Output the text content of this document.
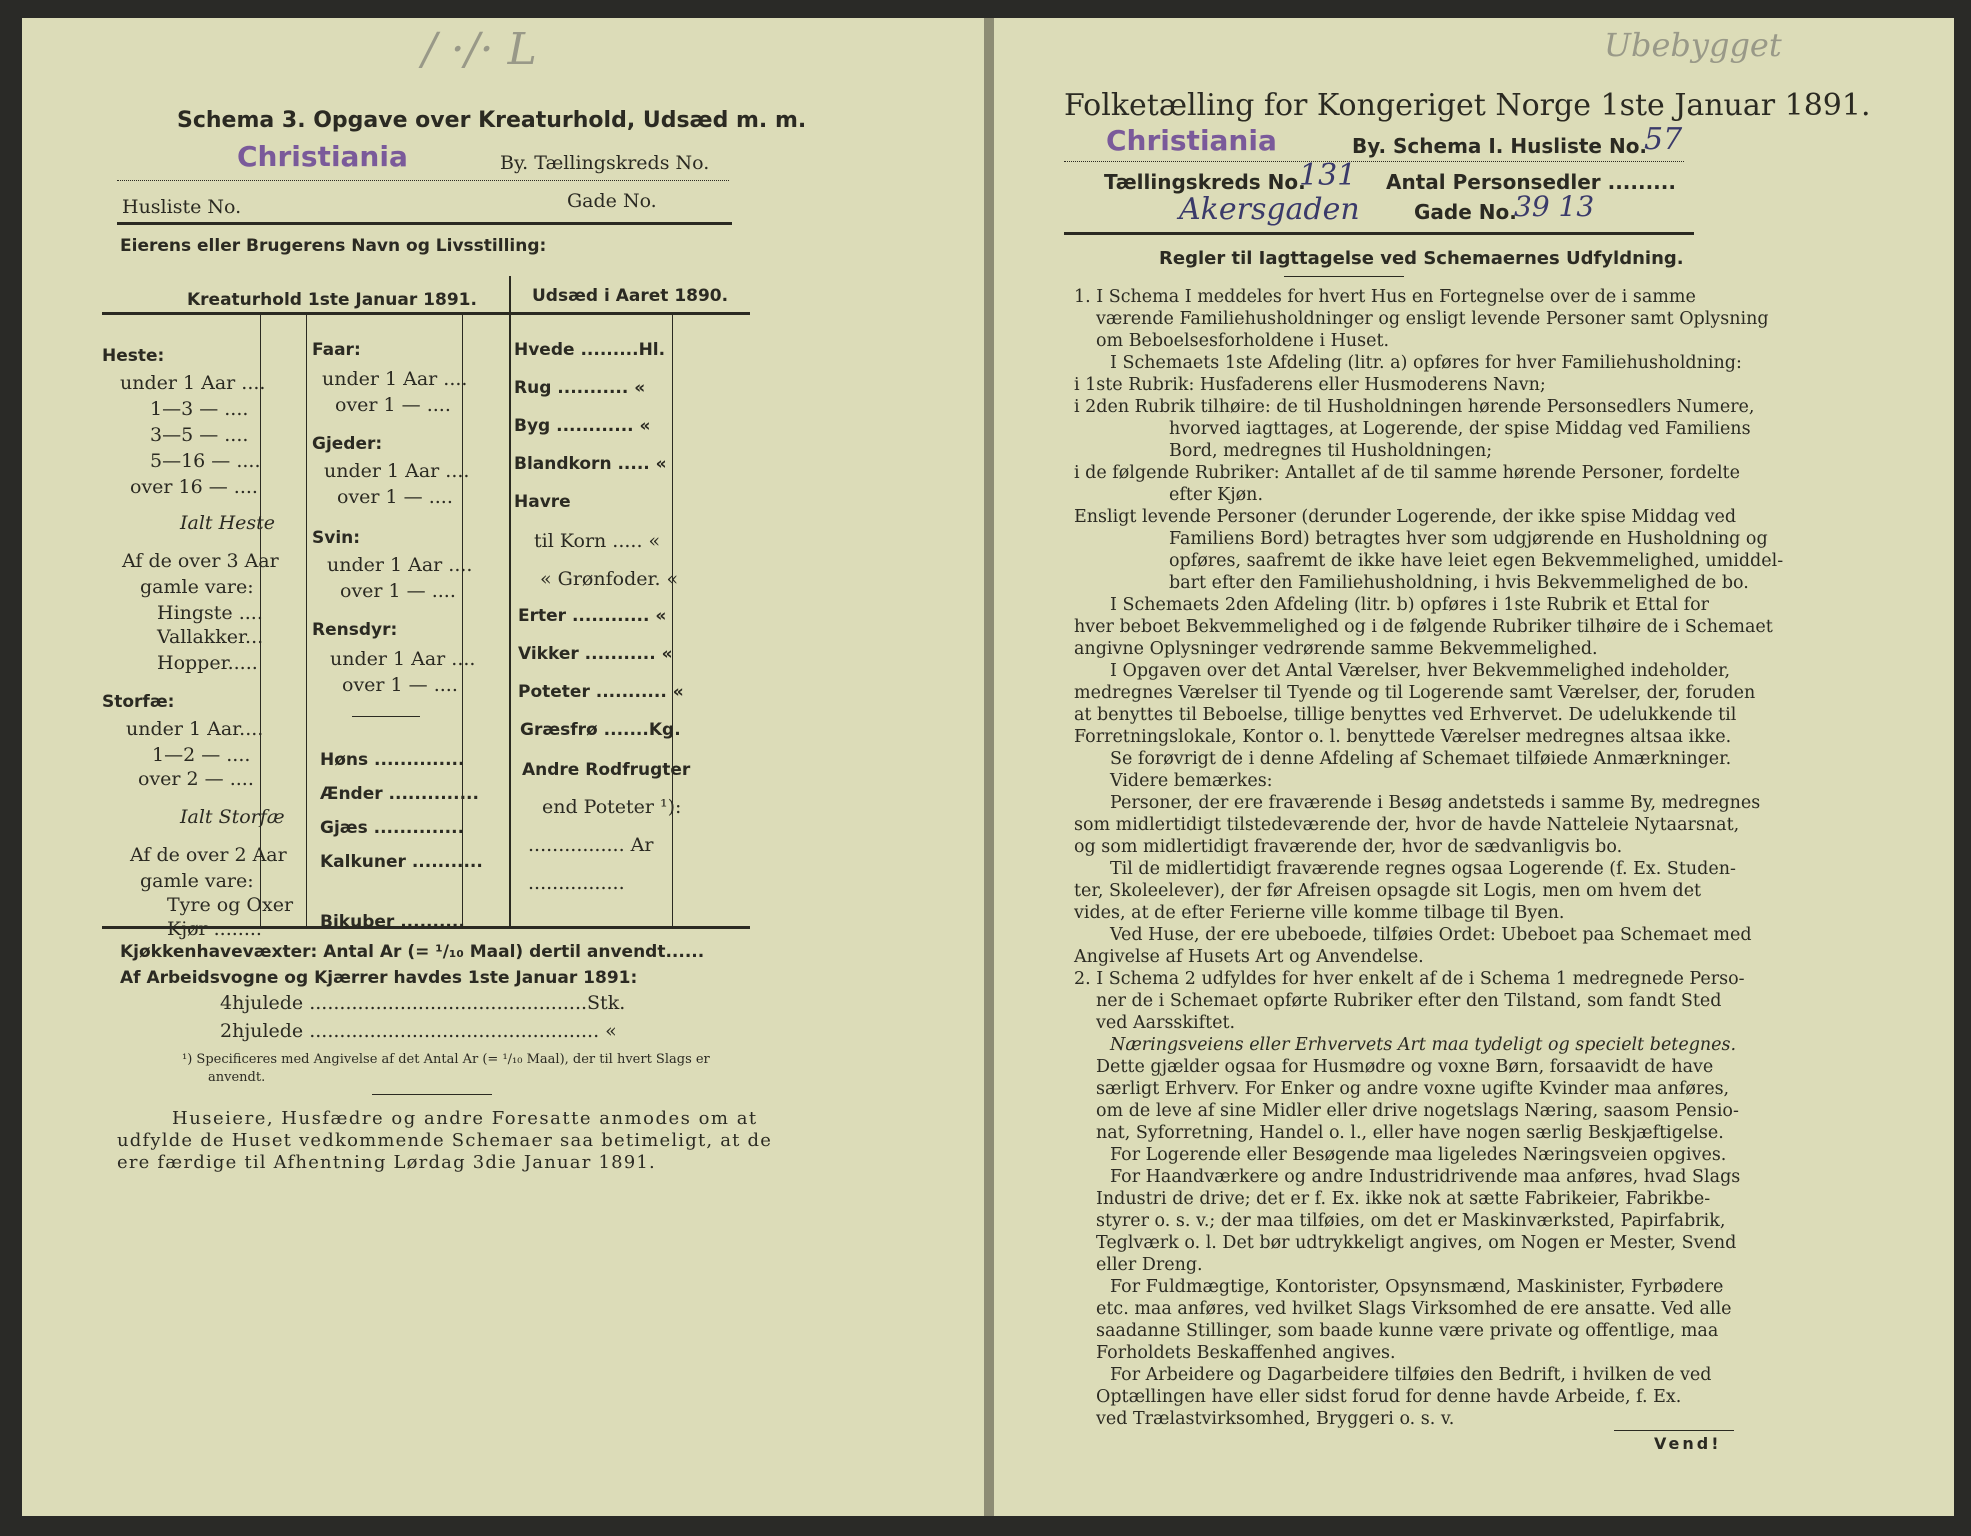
/ ·/· L
Schema 3. Opgave over Kreaturhold, Udsæd m. m.
Christiania	By. Tællingskreds No.
Husliste No.	Gade No.
Eierens eller Brugerens Navn og Livsstilling:
Kreaturhold 1ste Januar 1891.	Udsæd i Aaret 1890.
Heste:
under 1 Aar ....
1—3 — ....
3—5 — ....
5—16 — ....
over 16 — ....
Ialt Heste
Af de over 3 Aar
gamle vare:
Hingste ....
Vallakker...
Hopper.....
Storfæ:
under 1 Aar....
1—2 — ....
over 2 — ....
Ialt Storfæ
Af de over 2 Aar
gamle vare:
Tyre og Oxer
Kjør ........
Faar:
under 1 Aar ....
over 1 — ....
Gjeder:
under 1 Aar ....
over 1 — ....
Svin:
under 1 Aar ....
over 1 — ....
Rensdyr:
under 1 Aar ....
over 1 — ....
Høns ..............
Ænder ..............
Gjæs ..............
Kalkuner ...........
Bikuber ..........
Hvede .........Hl.
Rug ........... «
Byg ............ «
Blandkorn ..... «
Havre
til Korn ..... «
« Grønfoder. «
Erter ............ «
Vikker ........... «
Poteter ........... «
Græsfrø .......Kg.
Andre Rodfrugter
end Poteter ¹):
................ Ar
................
Kjøkkenhavevæxter: Antal Ar (= ¹/₁₀ Maal) dertil anvendt......
Af Arbeidsvogne og Kjærrer havdes 1ste Januar 1891:
4hjulede ..............................................Stk.
2hjulede ................................................ «
¹) Specificeres med Angivelse af det Antal Ar (= ¹/₁₀ Maal), der til hvert Slags er
anvendt.
Huseiere, Husfædre og andre Foresatte anmodes om at
udfylde de Huset vedkommende Schemaer saa betimeligt, at de
ere færdige til Afhentning Lørdag 3die Januar 1891.
Ubebygget
Folketælling for Kongeriget Norge 1ste Januar 1891.
Christiania	By. Schema I. Husliste No.
57
Tællingskreds No.
131 Antal Personsedler .........
Akersgaden	Gade No.
39 13
Regler til Iagttagelse ved Schemaernes Udfyldning.
1. I Schema I meddeles for hvert Hus en Fortegnelse over de i samme
værende Familiehusholdninger og ensligt levende Personer samt Oplysning
om Beboelsesforholdene i Huset.
I Schemaets 1ste Afdeling (litr. a) opføres for hver Familiehusholdning:
i 1ste Rubrik: Husfaderens eller Husmoderens Navn;
i 2den Rubrik tilhøire: de til Husholdningen hørende Personsedlers Numere,
hvorved iagttages, at Logerende, der spise Middag ved Familiens
Bord, medregnes til Husholdningen;
i de følgende Rubriker: Antallet af de til samme hørende Personer, fordelte
efter Kjøn.
Ensligt levende Personer (derunder Logerende, der ikke spise Middag ved
Familiens Bord) betragtes hver som udgjørende en Husholdning og
opføres, saafremt de ikke have leiet egen Bekvemmelighed, umiddel-
bart efter den Familiehusholdning, i hvis Bekvemmelighed de bo.
I Schemaets 2den Afdeling (litr. b) opføres i 1ste Rubrik et Ettal for
hver beboet Bekvemmelighed og i de følgende Rubriker tilhøire de i Schemaet
angivne Oplysninger vedrørende samme Bekvemmelighed.
I Opgaven over det Antal Værelser, hver Bekvemmelighed indeholder,
medregnes Værelser til Tyende og til Logerende samt Værelser, der, foruden
at benyttes til Beboelse, tillige benyttes ved Erhvervet. De udelukkende til
Forretningslokale, Kontor o. l. benyttede Værelser medregnes altsaa ikke.
Se forøvrigt de i denne Afdeling af Schemaet tilføiede Anmærkninger.
Videre bemærkes:
Personer, der ere fraværende i Besøg andetsteds i samme By, medregnes
som midlertidigt tilstedeværende der, hvor de havde Natteleie Nytaarsnat,
og som midlertidigt fraværende der, hvor de sædvanligvis bo.
Til de midlertidigt fraværende regnes ogsaa Logerende (f. Ex. Studen-
ter, Skoleelever), der før Afreisen opsagde sit Logis, men om hvem det
vides, at de efter Ferierne ville komme tilbage til Byen.
Ved Huse, der ere ubeboede, tilføies Ordet: Ubeboet paa Schemaet med
Angivelse af Husets Art og Anvendelse.
2. I Schema 2 udfyldes for hver enkelt af de i Schema 1 medregnede Perso-
ner de i Schemaet opførte Rubriker efter den Tilstand, som fandt Sted
ved Aarsskiftet.
Næringsveiens eller Erhvervets Art maa tydeligt og specielt betegnes.
Dette gjælder ogsaa for Husmødre og voxne Børn, forsaavidt de have
særligt Erhverv. For Enker og andre voxne ugifte Kvinder maa anføres,
om de leve af sine Midler eller drive nogetslags Næring, saasom Pensio-
nat, Syforretning, Handel o. l., eller have nogen særlig Beskjæftigelse.
For Logerende eller Besøgende maa ligeledes Næringsveien opgives.
For Haandværkere og andre Industridrivende maa anføres, hvad Slags
Industri de drive; det er f. Ex. ikke nok at sætte Fabrikeier, Fabrikbe-
styrer o. s. v.; der maa tilføies, om det er Maskinværksted, Papirfabrik,
Teglværk o. l. Det bør udtrykkeligt angives, om Nogen er Mester, Svend
eller Dreng.
For Fuldmægtige, Kontorister, Opsynsmænd, Maskinister, Fyrbødere
etc. maa anføres, ved hvilket Slags Virksomhed de ere ansatte. Ved alle
saadanne Stillinger, som baade kunne være private og offentlige, maa
Forholdets Beskaffenhed angives.
For Arbeidere og Dagarbeidere tilføies den Bedrift, i hvilken de ved
Optællingen have eller sidst forud for denne havde Arbeide, f. Ex.
ved Trælastvirksomhed, Bryggeri o. s. v.
Vend!
